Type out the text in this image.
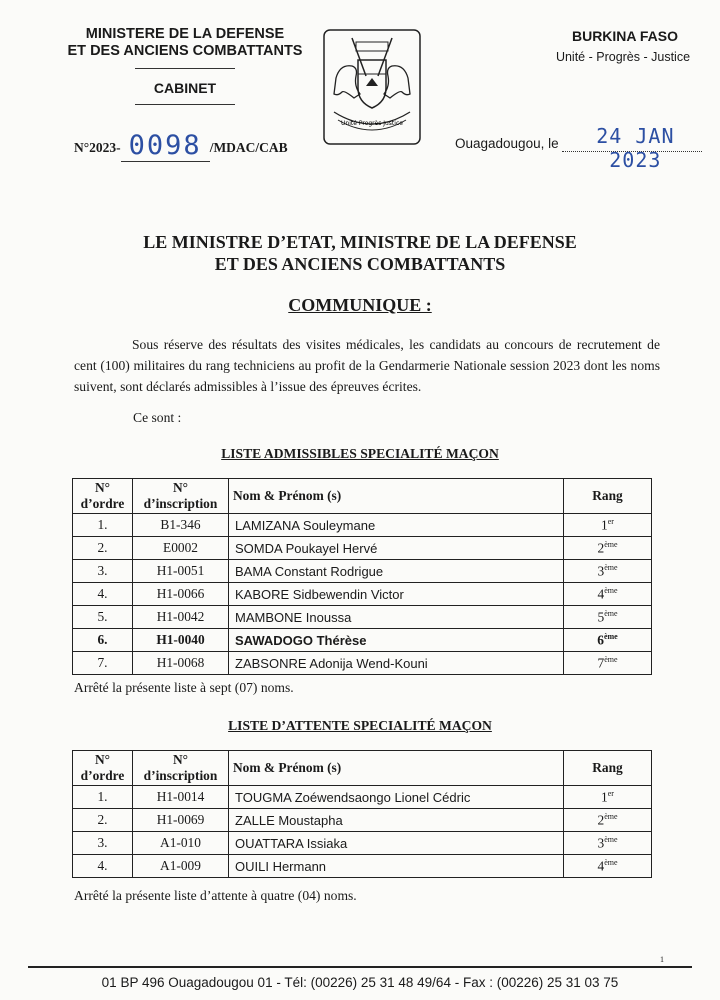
MINISTERE DE LA DEFENSE
ET DES ANCIENS COMBATTANTS
CABINET
N°2023- 0098 /MDAC/CAB
Unité Progrès Justice
BURKINA FASO
Unité - Progrès - Justice
Ouagadougou, le	24 JAN 2023
LE MINISTRE D’ETAT, MINISTRE DE LA DEFENSE
ET DES ANCIENS COMBATTANTS
COMMUNIQUE :
Sous réserve des résultats des visites médicales, les candidats au concours de recrutement de cent (100) militaires du rang techniciens au profit de la Gendarmerie Nationale session 2023 dont les noms suivent, sont déclarés admissibles à l’issue des épreuves écrites.
Ce sont :
LISTE ADMISSIBLES SPECIALITÉ MAÇON
N°
d’ordre	N°
d’inscription	Nom & Prénom (s)	Rang
1.	B1-346	LAMIZANA Souleymane	1er
2.	E0002	SOMDA Poukayel Hervé	2ème
3.	H1-0051	BAMA Constant Rodrigue	3ème
4.	H1-0066	KABORE Sidbewendin Victor	4ème
5.	H1-0042	MAMBONE Inoussa	5ème
6.	H1-0040	SAWADOGO Thérèse	6ème
7.	H1-0068	ZABSONRE Adonija Wend-Kouni	7ème
Arrêté la présente liste à sept (07) noms.
LISTE D’ATTENTE SPECIALITÉ MAÇON
N°
d’ordre	N°
d’inscription	Nom & Prénom (s)	Rang
1.	H1-0014	TOUGMA Zoéwendsaongo Lionel Cédric	1er
2.	H1-0069	ZALLE Moustapha	2ème
3.	A1-010	OUATTARA Issiaka	3ème
4.	A1-009	OUILI Hermann	4ème
Arrêté la présente liste d’attente à quatre (04) noms.
1
01 BP 496 Ouagadougou 01 - Tél: (00226) 25 31 48 49/64 - Fax : (00226) 25 31 03 75
